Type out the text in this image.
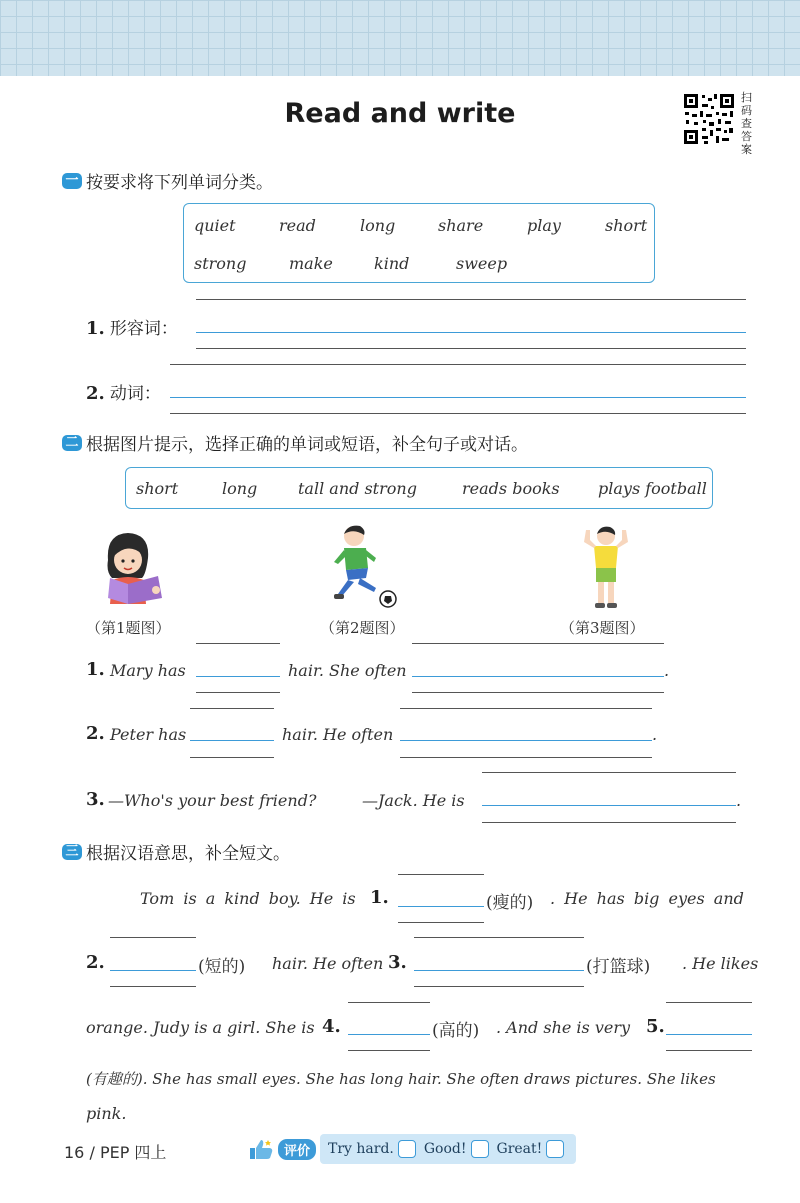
Read and write
扫码查答案
一 按要求将下列单词分类。
quiet	read	long	share	play	short
strong	make	kind	sweep
1. 形容词：
2. 动词：
二 根据图片提示，选择正确的单词或短语，补全句子或对话。
short	long	tall and strong	reads books plays football
（第1题图）	（第2题图）	（第3题图）
1. Mary has	hair. She often	.
2. Peter has	hair. He often	.
3. —Who's your best friend?	—Jack. He is	.
三 根据汉语意思，补全短文。
Tom is a kind boy. He is 1.	(瘦的) . He has big eyes and
2.	(短的) hair. He often 3.	(打篮球) . He likes
orange. Judy is a girl. She is 4.	(高的) . And she is very 5.
(有趣的). She has small eyes. She has long hair. She often draws pictures. She likes
pink.
16 / PEP 四上	评价	Try hard. Good! Great!
